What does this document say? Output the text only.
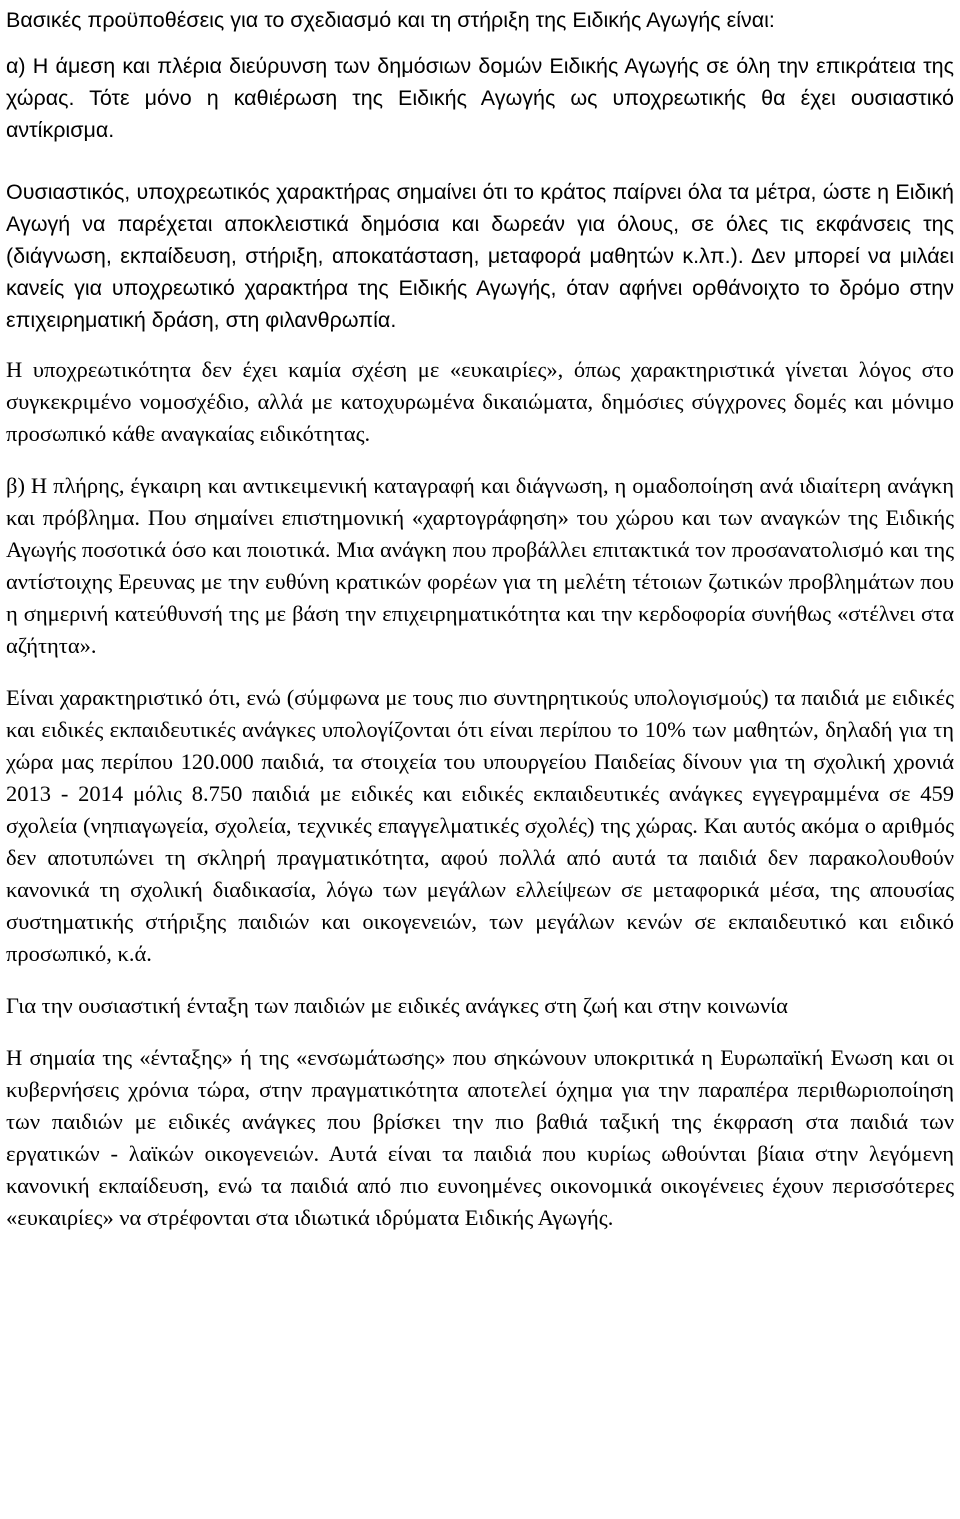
Βασικές προϋποθέσεις για το σχεδιασμό και τη στήριξη της Ειδικής Αγωγής είναι:

α) Η άμεση και πλέρια διεύρυνση των δημόσιων δομών Ειδικής Αγωγής σε όλη την επικράτεια της χώρας. Τότε μόνο η καθιέρωση της Ειδικής Αγωγής ως υποχρεωτικής θα έχει ουσιαστικό αντίκρισμα.

Ουσιαστικός, υποχρεωτικός χαρακτήρας σημαίνει ότι το κράτος παίρνει όλα τα μέτρα, ώστε η Ειδική Αγωγή να παρέχεται αποκλειστικά δημόσια και δωρεάν για όλους, σε όλες τις εκφάνσεις της (διάγνωση, εκπαίδευση, στήριξη, αποκατάσταση, μεταφορά μαθητών κ.λπ.). Δεν μπορεί να μιλάει κανείς για υποχρεωτικό χαρακτήρα της Ειδικής Αγωγής, όταν αφήνει ορθάνοιχτο το δρόμο στην επιχειρηματική δράση, στη φιλανθρωπία.

Η υποχρεωτικότητα δεν έχει καμία σχέση με «ευκαιρίες», όπως χαρακτηριστικά γίνεται λόγος στο συγκεκριμένο νομοσχέδιο, αλλά με κατοχυρωμένα δικαιώματα, δημόσιες σύγχρονες δομές και μόνιμο προσωπικό κάθε αναγκαίας ειδικότητας.

β) Η πλήρης, έγκαιρη και αντικειμενική καταγραφή και διάγνωση, η ομαδοποίηση ανά ιδιαίτερη ανάγκη και πρόβλημα. Που σημαίνει επιστημονική «χαρτογράφηση» του χώρου και των αναγκών της Ειδικής Αγωγής ποσοτικά όσο και ποιοτικά. Μια ανάγκη που προβάλλει επιτακτικά τον προσανατολισμό και της αντίστοιχης Ερευνας με την ευθύνη κρατικών φορέων για τη μελέτη τέτοιων ζωτικών προβλημάτων που η σημερινή κατεύθυνσή της με βάση την επιχειρηματικότητα και την κερδοφορία συνήθως «στέλνει στα αζήτητα».

Είναι χαρακτηριστικό ότι, ενώ (σύμφωνα με τους πιο συντηρητικούς υπολογισμούς) τα παιδιά με ειδικές και ειδικές εκπαιδευτικές ανάγκες υπολογίζονται ότι είναι περίπου το 10% των μαθητών, δηλαδή για τη χώρα μας περίπου 120.000 παιδιά, τα στοιχεία του υπουργείου Παιδείας δίνουν για τη σχολική χρονιά 2013 - 2014 μόλις 8.750 παιδιά με ειδικές και ειδικές εκπαιδευτικές ανάγκες εγγεγραμμένα σε 459 σχολεία (νηπιαγωγεία, σχολεία, τεχνικές επαγγελματικές σχολές) της χώρας. Και αυτός ακόμα ο αριθμός δεν αποτυπώνει τη σκληρή πραγματικότητα, αφού πολλά από αυτά τα παιδιά δεν παρακολουθούν κανονικά τη σχολική διαδικασία, λόγω των μεγάλων ελλείψεων σε μεταφορικά μέσα, της απουσίας συστηματικής στήριξης παιδιών και οικογενειών, των μεγάλων κενών σε εκπαιδευτικό και ειδικό προσωπικό, κ.ά.

Για την ουσιαστική ένταξη των παιδιών με ειδικές ανάγκες στη ζωή και στην κοινωνία

Η σημαία της «ένταξης» ή της «ενσωμάτωσης» που σηκώνουν υποκριτικά η Ευρωπαϊκή Ενωση και οι κυβερνήσεις χρόνια τώρα, στην πραγματικότητα αποτελεί όχημα για την παραπέρα περιθωριοποίηση των παιδιών με ειδικές ανάγκες που βρίσκει την πιο βαθιά ταξική της έκφραση στα παιδιά των εργατικών - λαϊκών οικογενειών. Αυτά είναι τα παιδιά που κυρίως ωθούνται βίαια στην λεγόμενη κανονική εκπαίδευση, ενώ τα παιδιά από πιο ευνοημένες οικονομικά οικογένειες έχουν περισσότερες «ευκαιρίες» να στρέφονται στα ιδιωτικά ιδρύματα Ειδικής Αγωγής.
